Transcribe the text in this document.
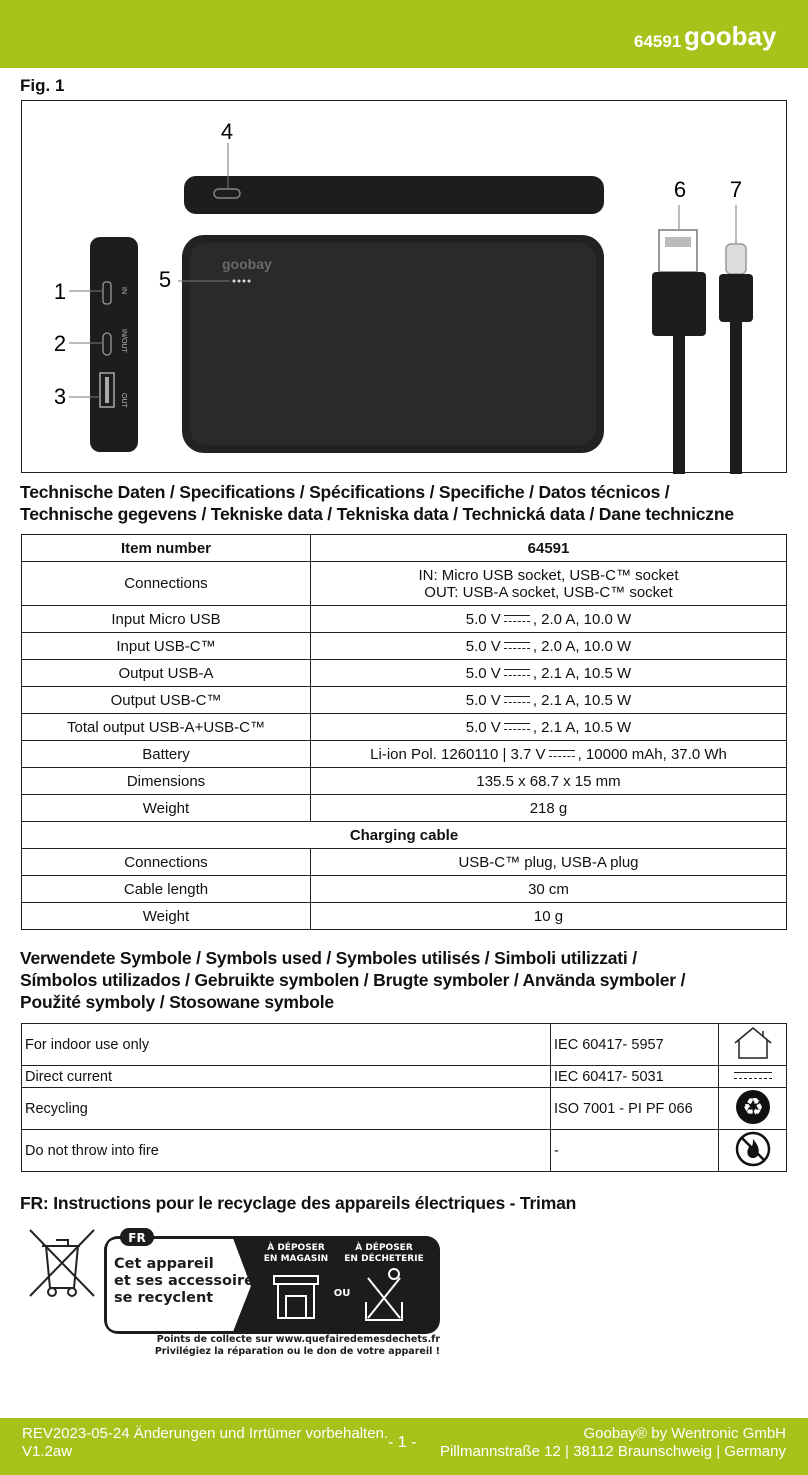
64591 goobay
Fig. 1
IN
IN/OUT
OUT
goobay
4
1
2
3
5
6 7
Technische Daten / Specifications / Spécifications / Specifiche / Datos técnicos /
Technische gegevens / Tekniske data / Tekniska data / Technická data / Dane techniczne
Item number	64591
Connections	IN: Micro USB socket, USB-C™ socket
OUT: USB-A socket, USB-C™ socket

Input Micro USB	5.0 V , 2.0 A, 10.0 W
Input USB-C™	5.0 V , 2.0 A, 10.0 W
Output USB-A	5.0 V , 2.1 A, 10.5 W
Output USB-C™	5.0 V , 2.1 A, 10.5 W
Total output USB-A+USB-C™	5.0 V , 2.1 A, 10.5 W
Battery	Li-ion Pol. 1260110 | 3.7 V , 10000 mAh, 37.0 Wh
Dimensions	135.5 x 68.7 x 15 mm
Weight	218 g
Charging cable	
Connections	USB-C™ plug, USB-A plug
Cable length	30 cm
Weight	10 g
Verwendete Symbole / Symbols used / Symboles utilisés / Simboli utilizzati /
Símbolos utilizados / Gebruikte symbolen / Brugte symboler / Använda symboler /
Použité symboly / Stosowane symbole
For indoor use only	IEC 60417- 5957	
Direct current	IEC 60417- 5031	
Recycling	ISO 7001 - PI PF 066	♻

Do not throw into fire	-	
FR: Instructions pour le recyclage des appareils électriques - Triman
FR
Cet appareil
et ses accessoires
se recyclent
À DÉPOSER
EN MAGASIN
À DÉPOSER
EN DÉCHETERIE
OU
Points de collecte sur www.quefairedemesdechets.fr
Privilégiez la réparation ou le don de votre appareil !
REV2023-05-24 Änderungen und Irrtümer vorbehalten.
V1.2aw
- 1 -
Goobay® by Wentronic GmbH
Pillmannstraße 12 | 38112 Braunschweig | Germany
